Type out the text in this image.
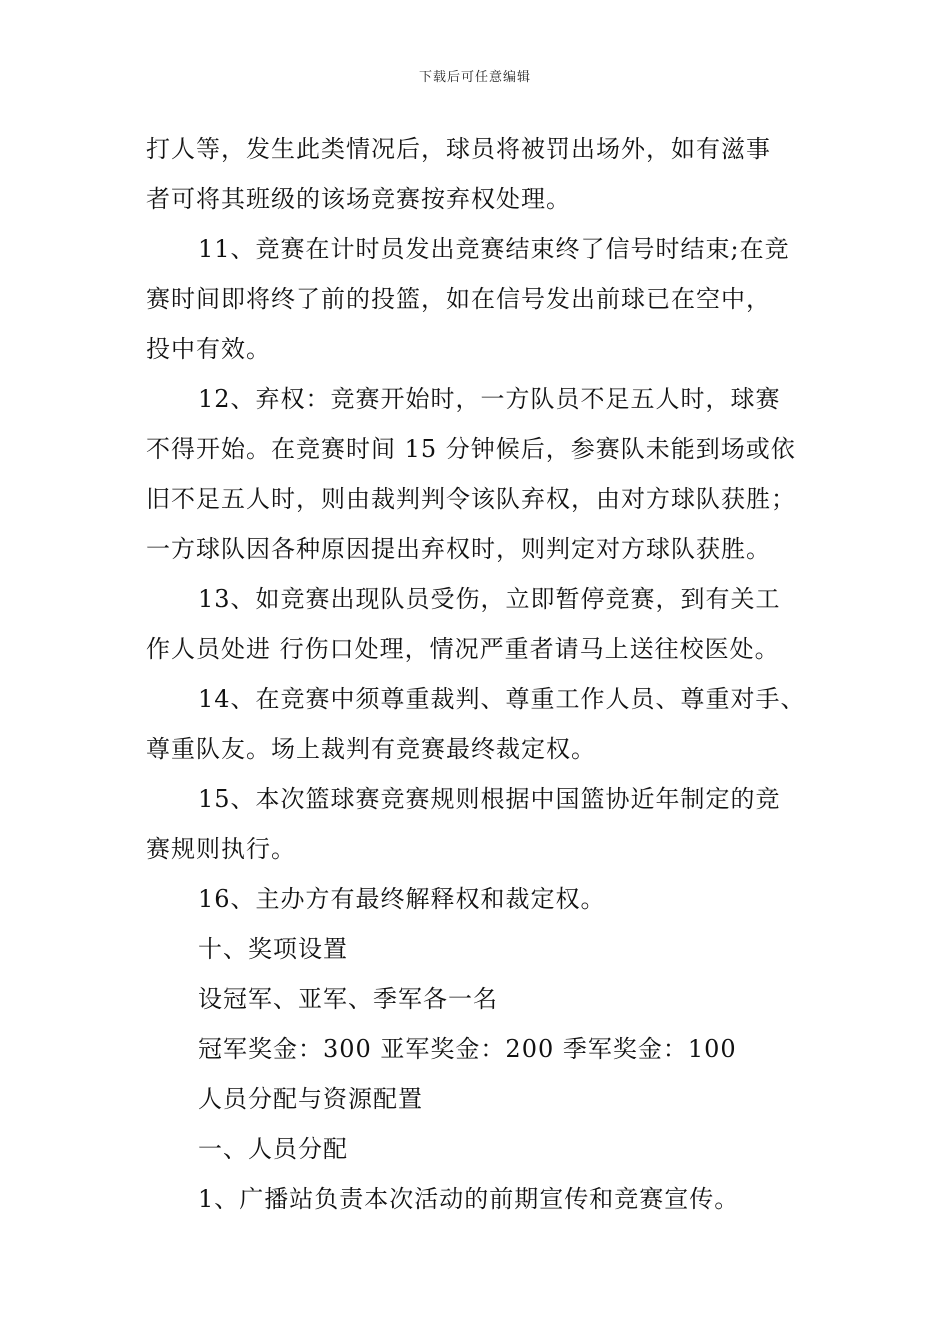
下载后可任意编辑
打人等，发生此类情况后，球员将被罚出场外，如有滋事
者可将其班级的该场竞赛按弃权处理。
11、竞赛在计时员发出竞赛结束终了信号时结束;在竞
赛时间即将终了前的投篮，如在信号发出前球已在空中，
投中有效。
12、弃权：竞赛开始时，一方队员不足五人时，球赛
不得开始。在竞赛时间 15 分钟候后，参赛队未能到场或依
旧不足五人时，则由裁判判令该队弃权，由对方球队获胜；
一方球队因各种原因提出弃权时，则判定对方球队获胜。
13、如竞赛出现队员受伤，立即暂停竞赛，到有关工
作人员处进 行伤口处理，情况严重者请马上送往校医处。
14、在竞赛中须尊重裁判、尊重工作人员、尊重对手、
尊重队友。场上裁判有竞赛最终裁定权。
15、本次篮球赛竞赛规则根据中国篮协近年制定的竞
赛规则执行。
16、主办方有最终解释权和裁定权。
十、奖项设置
设冠军、亚军、季军各一名
冠军奖金：300 亚军奖金：200 季军奖金：100
人员分配与资源配置
一、人员分配
1、广播站负责本次活动的前期宣传和竞赛宣传。
